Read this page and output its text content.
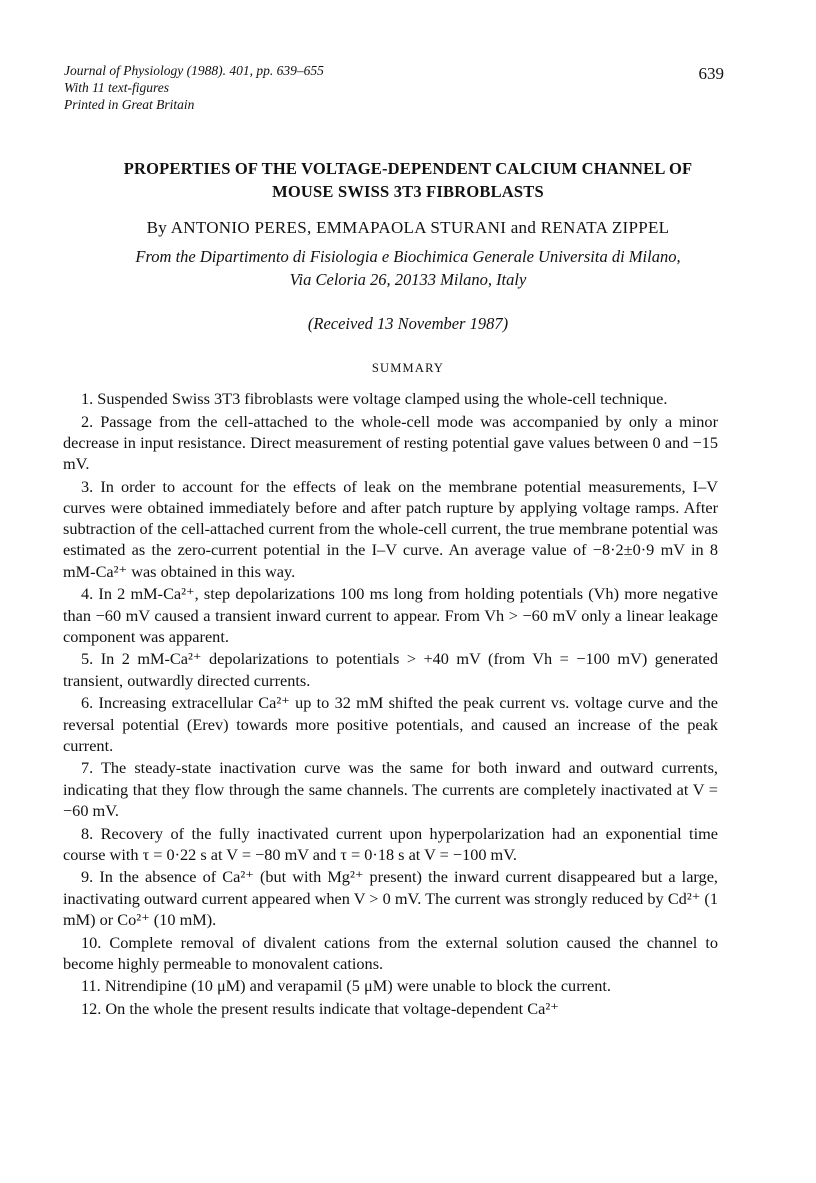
Journal of Physiology (1988). 401, pp. 639–655
With 11 text-figures
Printed in Great Britain
639
PROPERTIES OF THE VOLTAGE-DEPENDENT CALCIUM CHANNEL OF
MOUSE SWISS 3T3 FIBROBLASTS
By ANTONIO PERES, EMMAPAOLA STURANI and RENATA ZIPPEL
From the Dipartimento di Fisiologia e Biochimica Generale Universita di Milano,
Via Celoria 26, 20133 Milano, Italy
(Received 13 November 1987)
SUMMARY

1. Suspended Swiss 3T3 fibroblasts were voltage clamped using the whole-cell technique.

2. Passage from the cell-attached to the whole-cell mode was accompanied by only a minor decrease in input resistance. Direct measurement of resting potential gave values between 0 and −15 mV.

3. In order to account for the effects of leak on the membrane potential measurements, I–V curves were obtained immediately before and after patch rupture by applying voltage ramps. After subtraction of the cell-attached current from the whole-cell current, the true membrane potential was estimated as the zero-current potential in the I–V curve. An average value of −8·2±0·9 mV in 8 mM-Ca²⁺ was obtained in this way.

4. In 2 mM-Ca²⁺, step depolarizations 100 ms long from holding potentials (Vh) more negative than −60 mV caused a transient inward current to appear. From Vh > −60 mV only a linear leakage component was apparent.

5. In 2 mM-Ca²⁺ depolarizations to potentials > +40 mV (from Vh = −100 mV) generated transient, outwardly directed currents.

6. Increasing extracellular Ca²⁺ up to 32 mM shifted the peak current vs. voltage curve and the reversal potential (Erev) towards more positive potentials, and caused an increase of the peak current.

7. The steady-state inactivation curve was the same for both inward and outward currents, indicating that they flow through the same channels. The currents are completely inactivated at V = −60 mV.

8. Recovery of the fully inactivated current upon hyperpolarization had an exponential time course with τ = 0·22 s at V = −80 mV and τ = 0·18 s at V = −100 mV.

9. In the absence of Ca²⁺ (but with Mg²⁺ present) the inward current disappeared but a large, inactivating outward current appeared when V > 0 mV. The current was strongly reduced by Cd²⁺ (1 mM) or Co²⁺ (10 mM).

10. Complete removal of divalent cations from the external solution caused the channel to become highly permeable to monovalent cations.

11. Nitrendipine (10 μM) and verapamil (5 μM) were unable to block the current.

12. On the whole the present results indicate that voltage-dependent Ca²⁺
